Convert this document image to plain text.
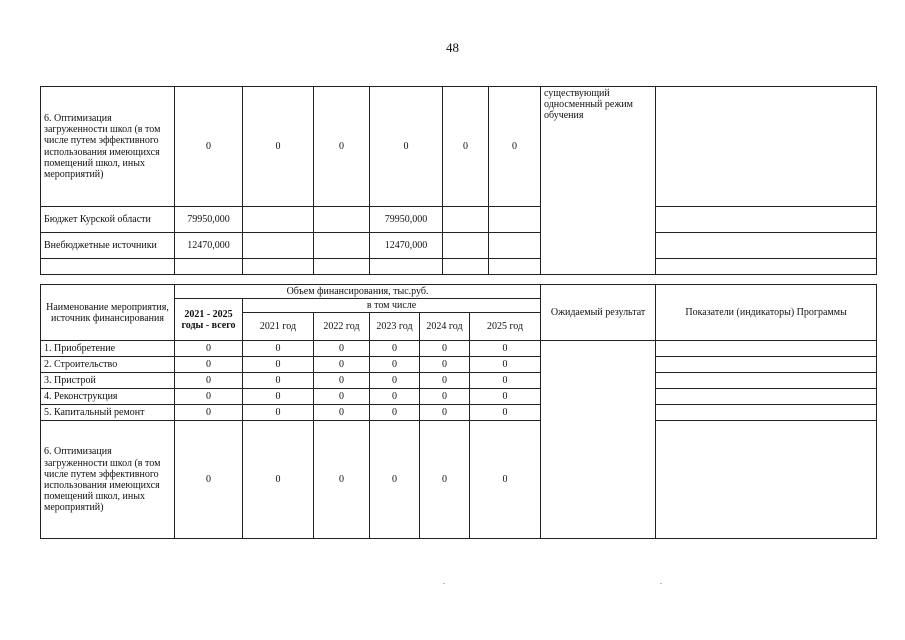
48
6. Оптимизация загруженности школ (в том числе путем эффективного использования имеющихся помещений школ, иных мероприятий)	0	0	0	0	0	0	существующий односменный режим обучения	
Бюджет Курской области	79950,000			79950,000				
Внебюджетные источники	12470,000			12470,000				

Наименование мероприятия, источник финансирования	Объем финансирования, тыс.руб.						Ожидаемый результат	Показатели (индикаторы) Программы
	2021 - 2025 годы - всего	в том числе						
		2021 год	2022 год	2023 год	2024 год	2025 год		
1. Приобретение	0	0	0	0	0	0		
2. Строительство	0	0	0	0	0	0		
3. Пристрой	0	0	0	0	0	0		
4. Реконструкция	0	0	0	0	0	0		
5. Капитальный ремонт	0	0	0	0	0	0		
6. Оптимизация загруженности школ (в том числе путем эффективного использования имеющихся помещений школ, иных мероприятий)	0	0	0	0	0	0		
